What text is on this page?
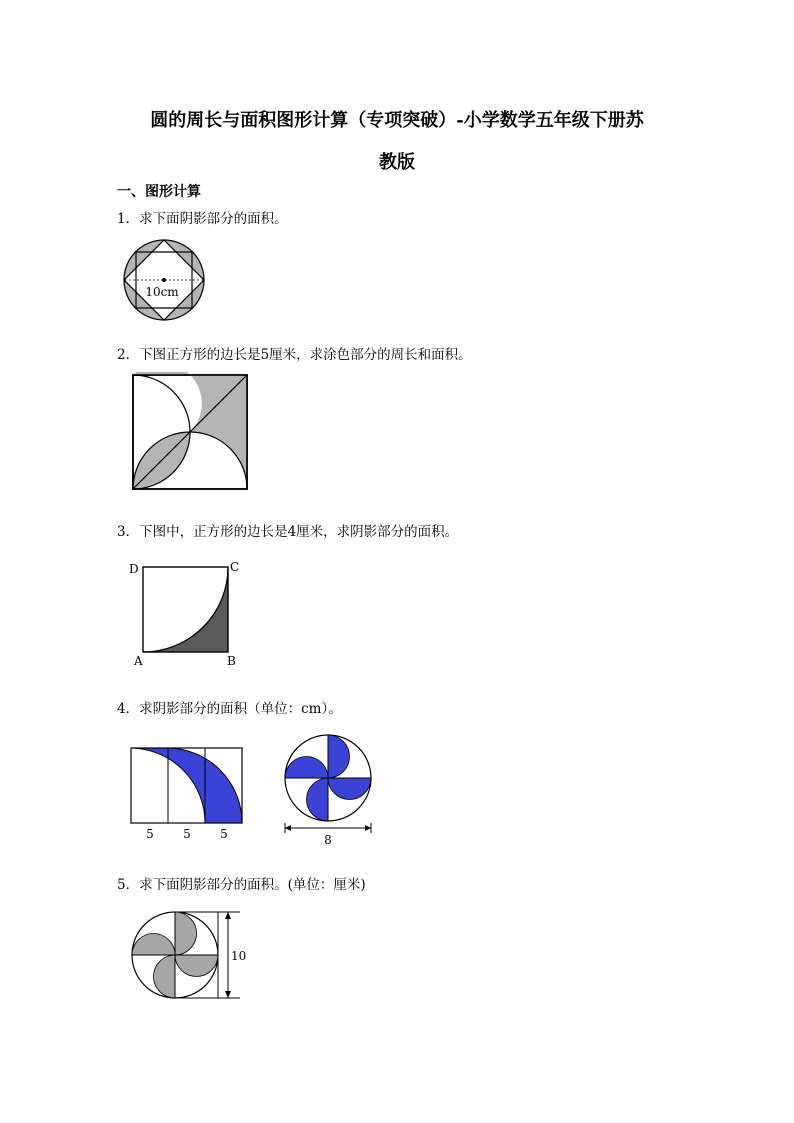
圆的周长与面积图形计算（专项突破）-小学数学五年级下册苏
教版
一、图形计算
1．求下面阴影部分的面积。
10cm
2．下图正方形的边长是5厘米，求涂色部分的周长和面积。
3．下图中，正方形的边长是4厘米，求阴影部分的面积。
D	C
A	B
4．求阴影部分的面积（单位：cm）。
5 5 5	8
5．求下面阴影部分的面积。(单位：厘米)
10
